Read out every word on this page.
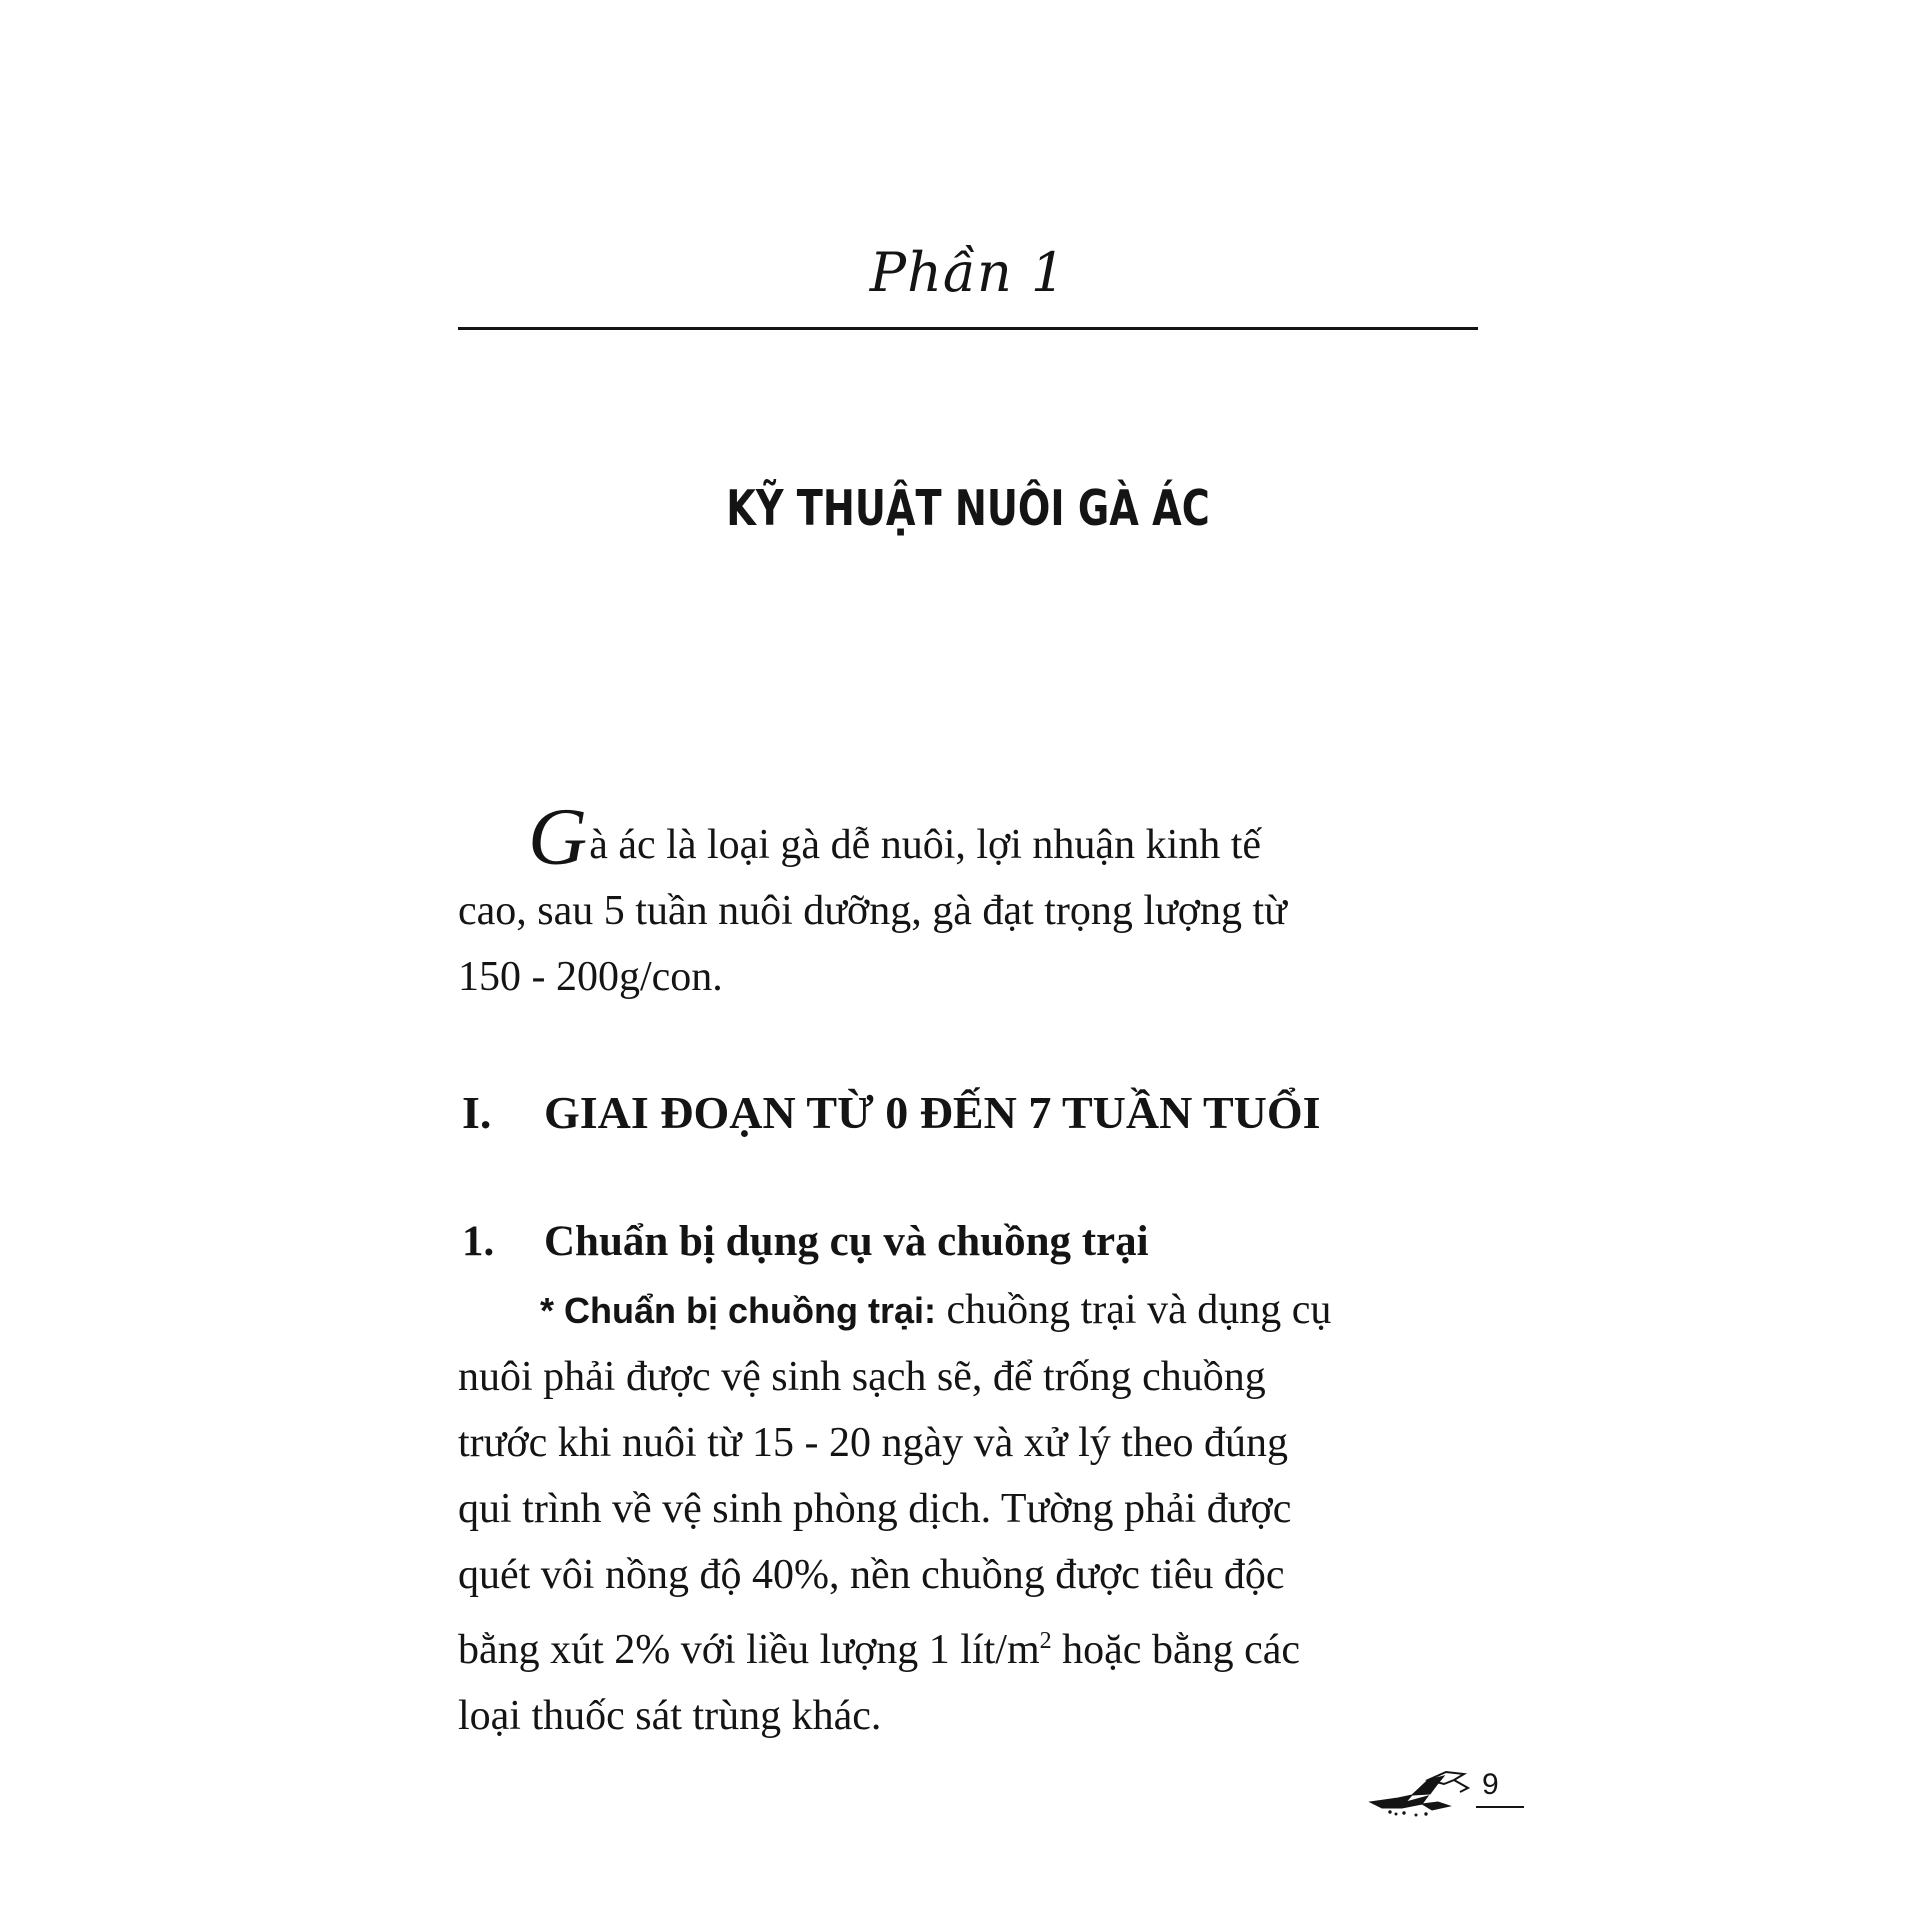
Phần 1
KỸ THUẬT NUÔI GÀ ÁC

Gà ác là loại gà dễ nuôi, lợi nhuận kinh tế
cao, sau 5 tuần nuôi dưỡng, gà đạt trọng lượng từ
150 - 200g/con.

I. GIAI ĐOẠN TỪ 0 ĐẾN 7 TUẦN TUỔI
1. Chuẩn bị dụng cụ và chuồng trại

* Chuẩn bị chuồng trại: chuồng trại và dụng cụ
nuôi phải được vệ sinh sạch sẽ, để trống chuồng
trước khi nuôi từ 15 - 20 ngày và xử lý theo đúng
qui trình về vệ sinh phòng dịch. Tường phải được
quét vôi nồng độ 40%, nền chuồng được tiêu độc
bằng xút 2% với liều lượng 1 lít/$m^2$ hoặc bằng các
loại thuốc sát trùng khác.

9
